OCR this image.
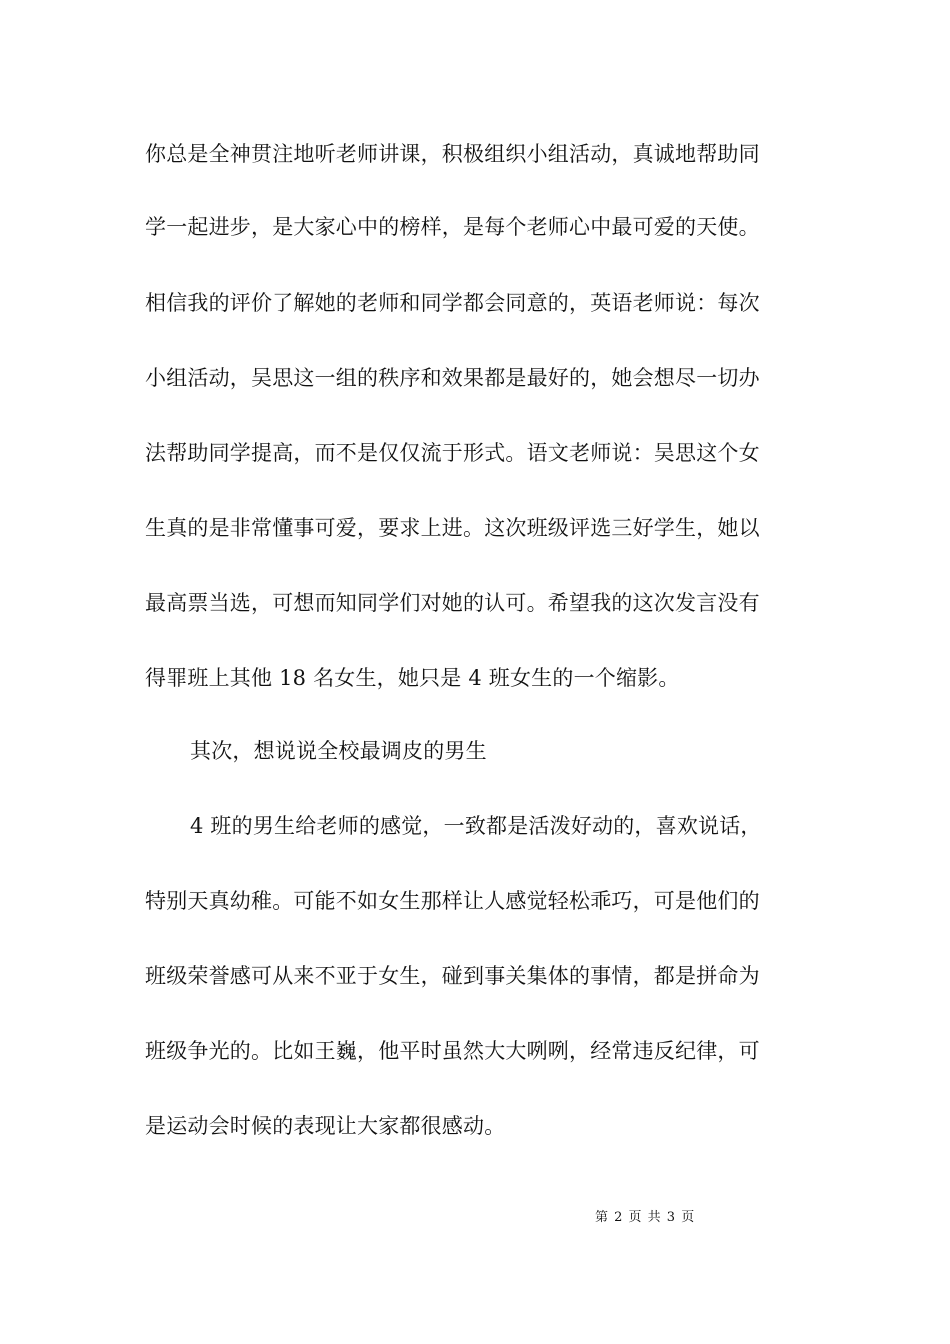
你总是全神贯注地听老师讲课，积极组织小组活动，真诚地帮助同
学一起进步，是大家心中的榜样，是每个老师心中最可爱的天使。
相信我的评价了解她的老师和同学都会同意的，英语老师说：每次
小组活动，吴思这一组的秩序和效果都是最好的，她会想尽一切办
法帮助同学提高，而不是仅仅流于形式。语文老师说：吴思这个女
生真的是非常懂事可爱，要求上进。这次班级评选三好学生，她以
最高票当选，可想而知同学们对她的认可。希望我的这次发言没有
得罪班上其他 18 名女生，她只是 4 班女生的一个缩影。
其次，想说说全校最调皮的男生
4 班的男生给老师的感觉，一致都是活泼好动的，喜欢说话，
特别天真幼稚。可能不如女生那样让人感觉轻松乖巧，可是他们的
班级荣誉感可从来不亚于女生，碰到事关集体的事情，都是拼命为
班级争光的。比如王巍，他平时虽然大大咧咧，经常违反纪律，可
是运动会时候的表现让大家都很感动。
第 2 页 共 3 页
